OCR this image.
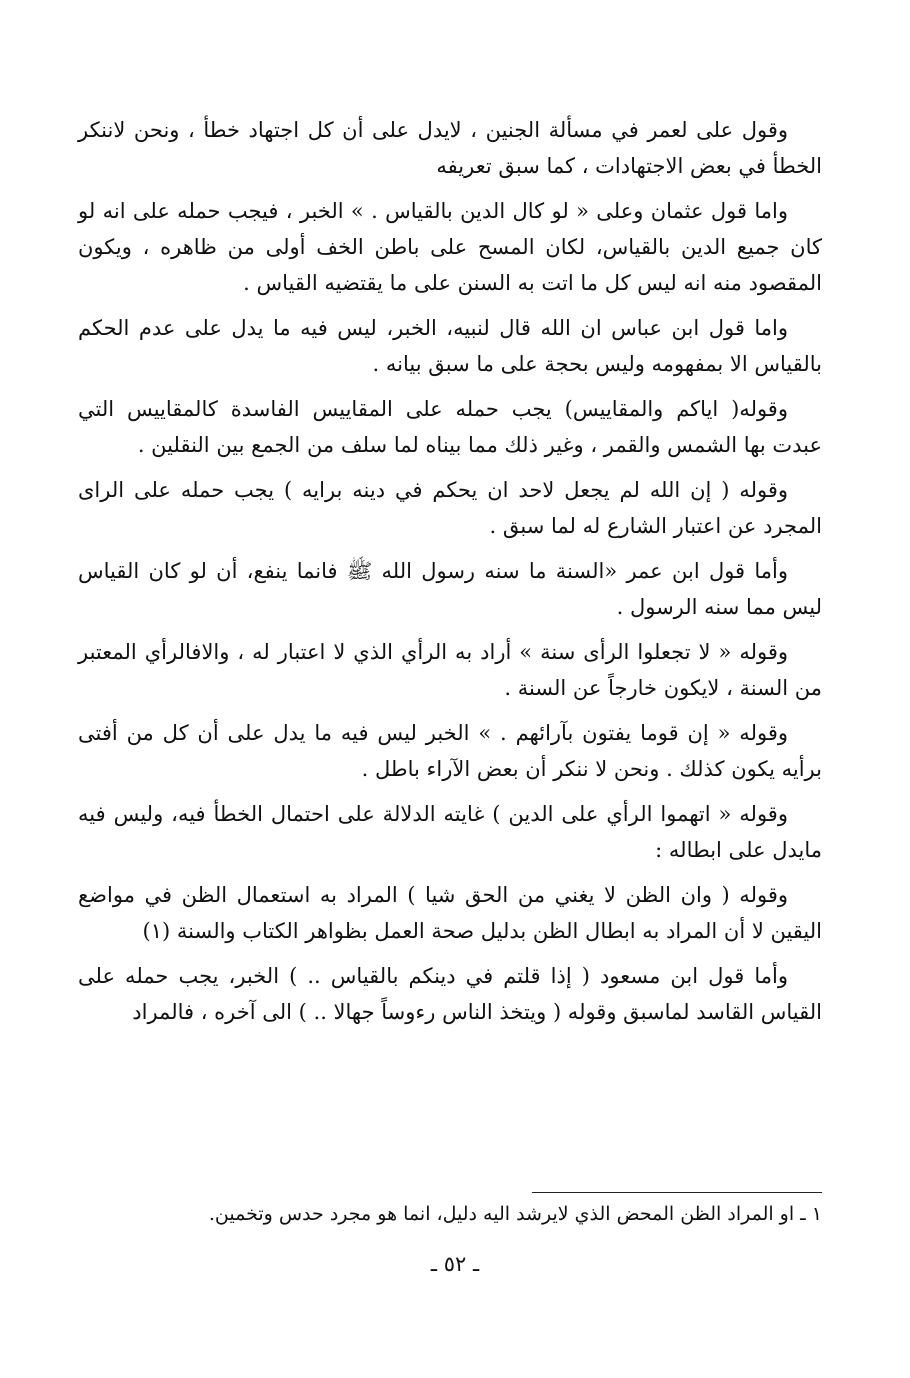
وقول على لعمر في مسألة الجنين ، لايدل على أن كل اجتهاد خطأ ، ونحن لاننكر الخطأ في بعض الاجتهادات ، كما سبق تعريفه

واما قول عثمان وعلى « لو كال الدين بالقياس . » الخبر ، فيجب حمله على انه لو كان جميع الدين بالقياس، لكان المسح على باطن الخف أولى من ظاهره ، ويكون المقصود منه انه ليس كل ما اتت به السنن على ما يقتضيه القياس .

واما قول ابن عباس ان الله قال لنبيه، الخبر، ليس فيه ما يدل على عدم الحكم بالقياس الا بمفهومه وليس بحجة على ما سبق بيانه .

وقوله( اياكم والمقاييس) يجب حمله على المقاييس الفاسدة كالمقاييس التي عبدت بها الشمس والقمر ، وغير ذلك مما بيناه لما سلف من الجمع بين النقلين .

وقوله ( إن الله لم يجعل لاحد ان يحكم في دينه برايه ) يجب حمله على الراى المجرد عن اعتبار الشارع له لما سبق .

وأما قول ابن عمر «السنة ما سنه رسول الله ﷺ فانما ينفع، أن لو كان القياس ليس مما سنه الرسول .

وقوله « لا تجعلوا الرأى سنة » أراد به الرأي الذي لا اعتبار له ، والافالرأي المعتبر من السنة ، لايكون خارجاً عن السنة .

وقوله « إن قوما يفتون بآرائهم . » الخبر ليس فيه ما يدل على أن كل من أفتى برأيه يكون كذلك . ونحن لا ننكر أن بعض الآراء باطل .

وقوله « اتهموا الرأي على الدين ) غايته الدلالة على احتمال الخطأ فيه، وليس فيه مايدل على ابطاله :

وقوله ( وان الظن لا يغني من الحق شيا ) المراد به استعمال الظن في مواضع اليقين لا أن المراد به ابطال الظن بدليل صحة العمل بظواهر الكتاب والسنة (١)

وأما قول ابن مسعود ( إذا قلتم في دينكم بالقياس .. ) الخبر، يجب حمله على القياس القاسد لماسبق وقوله ( ويتخذ الناس رءوساً جهالا .. ) الى آخره ، فالمراد

١ ـ او المراد الظن المحض الذي لايرشد اليه دليل، انما هو مجرد حدس وتخمين.
ـ ٥٢ ـ
